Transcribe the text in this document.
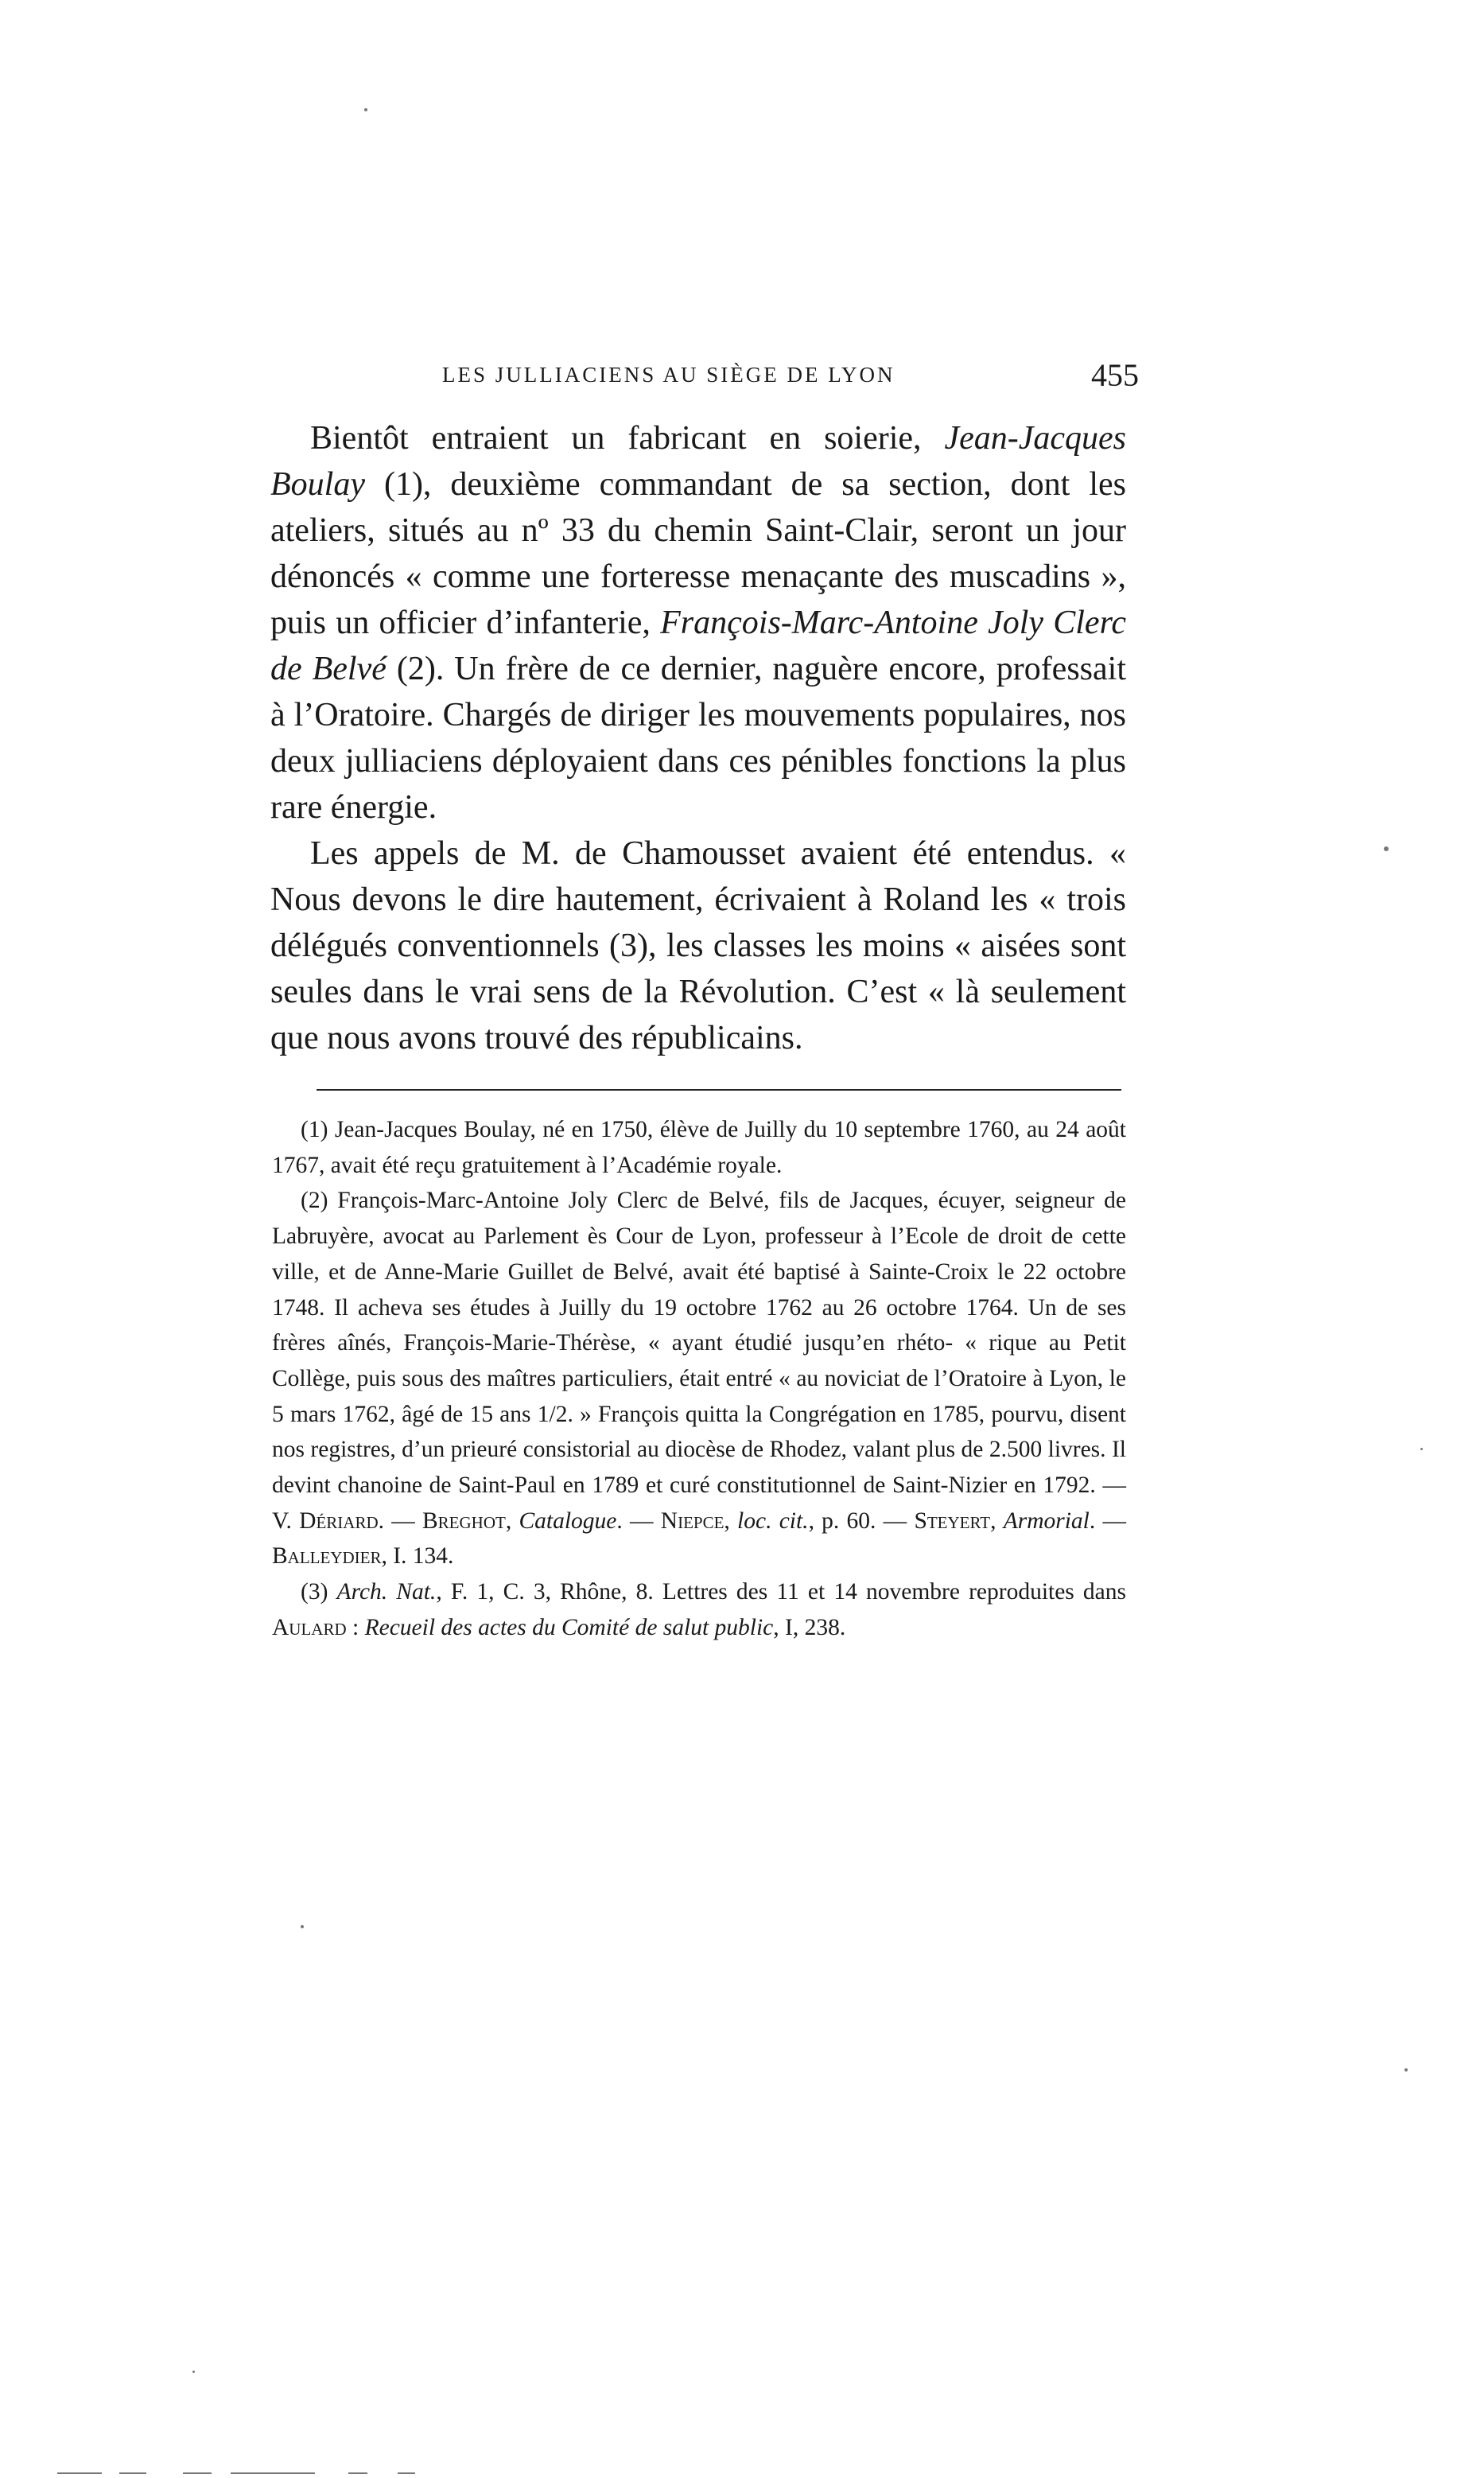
LES JULLIACIENS AU SIÈGE DE LYON	455

Bientôt entraient un fabricant en soierie, Jean-Jacques Boulay (1), deuxième commandant de sa section, dont les ateliers, situés au nº 33 du chemin Saint-Clair, seront un jour dénoncés « comme une forteresse menaçante des muscadins », puis un officier d’infanterie, François-Marc-Antoine Joly Clerc de Belvé (2). Un frère de ce dernier, naguère encore, professait à l’Oratoire. Chargés de diriger les mouvements populaires, nos deux julliaciens déployaient dans ces pénibles fonctions la plus rare énergie.

Les appels de M. de Chamousset avaient été entendus. « Nous devons le dire hautement, écrivaient à Roland les « trois délégués conventionnels (3), les classes les moins « aisées sont seules dans le vrai sens de la Révolution. C’est « là seulement que nous avons trouvé des républicains.

(1) Jean-Jacques Boulay, né en 1750, élève de Juilly du 10 septembre 1760, au 24 août 1767, avait été reçu gratuitement à l’Académie royale.

(2) François-Marc-Antoine Joly Clerc de Belvé, fils de Jacques, écuyer, seigneur de Labruyère, avocat au Parlement ès Cour de Lyon, professeur à l’Ecole de droit de cette ville, et de Anne-Marie Guillet de Belvé, avait été baptisé à Sainte-Croix le 22 octobre 1748. Il acheva ses études à Juilly du 19 octobre 1762 au 26 octobre 1764. Un de ses frères aînés, François-Marie-Thérèse, « ayant étudié jusqu’en rhéto- « rique au Petit Collège, puis sous des maîtres particuliers, était entré « au noviciat de l’Oratoire à Lyon, le 5 mars 1762, âgé de 15 ans 1/2. » François quitta la Congrégation en 1785, pourvu, disent nos registres, d’un prieuré consistorial au diocèse de Rhodez, valant plus de 2.500 livres. Il devint chanoine de Saint-Paul en 1789 et curé constitutionnel de Saint-Nizier en 1792. — V. Dériard. — Breghot, Catalogue. — Niepce, loc. cit., p. 60. — Steyert, Armorial. — Balleydier, I. 134.

(3) Arch. Nat., F. 1, C. 3, Rhône, 8. Lettres des 11 et 14 novembre reproduites dans Aulard : Recueil des actes du Comité de salut public, I, 238.
